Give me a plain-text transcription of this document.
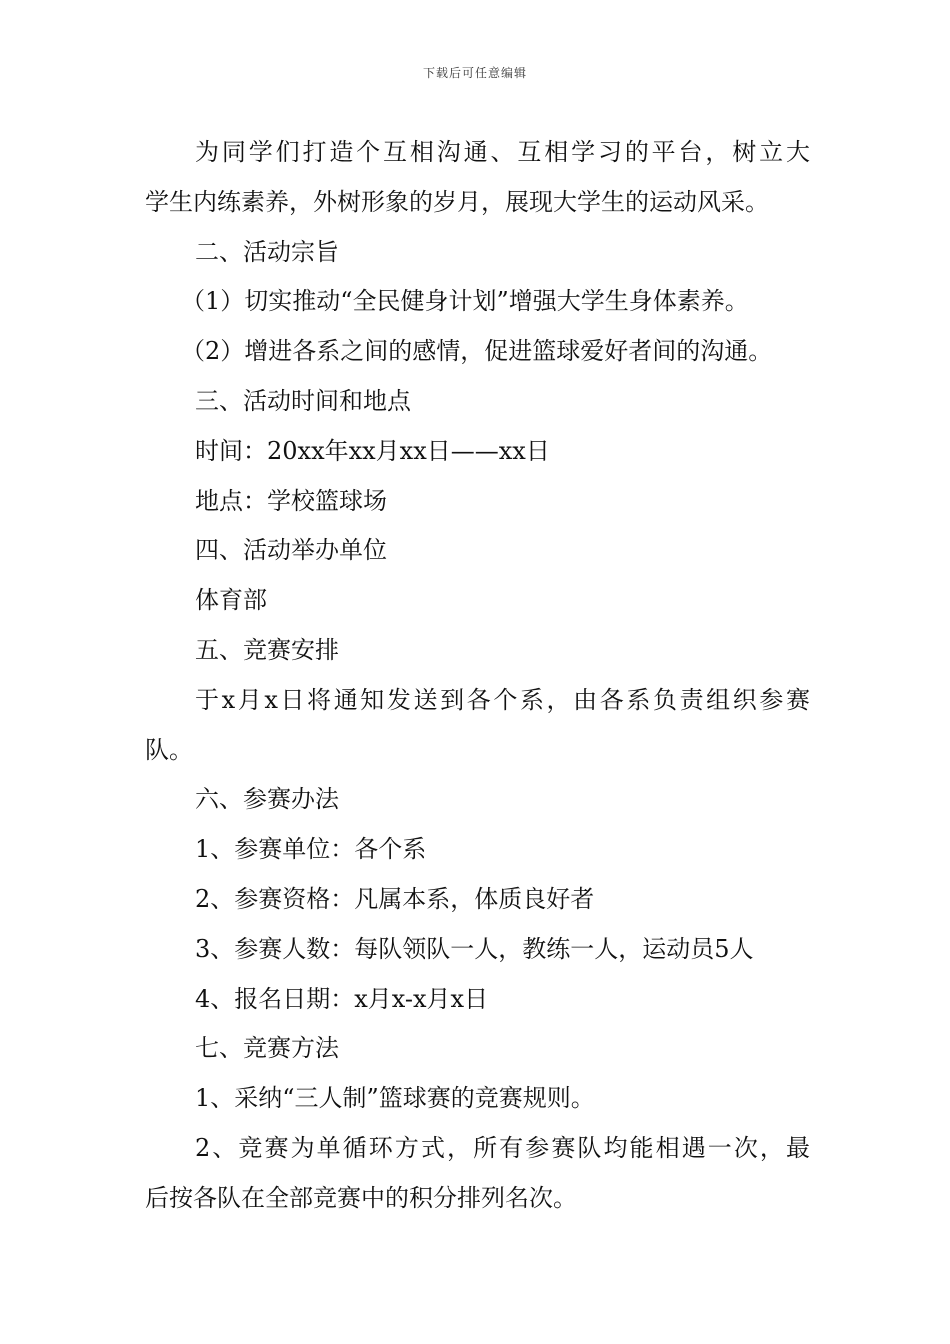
下载后可任意编辑

为同学们打造个互相沟通、互相学习的平台，树立大

学生内练素养，外树形象的岁月，展现大学生的运动风采。

二、活动宗旨

（1）切实推动“全民健身计划”增强大学生身体素养。

（2）增进各系之间的感情，促进篮球爱好者间的沟通。

三、活动时间和地点

时间：20xx年xx月xx日——xx日

地点：学校篮球场

四、活动举办单位

体育部

五、竞赛安排

于x月x日将通知发送到各个系，由各系负责组织参赛

队。

六、参赛办法

1、参赛单位：各个系

2、参赛资格：凡属本系，体质良好者

3、参赛人数：每队领队一人，教练一人，运动员5人

4、报名日期：x月x-x月x日

七、竞赛方法

1、采纳“三人制”篮球赛的竞赛规则。

2、竞赛为单循环方式，所有参赛队均能相遇一次，最

后按各队在全部竞赛中的积分排列名次。
